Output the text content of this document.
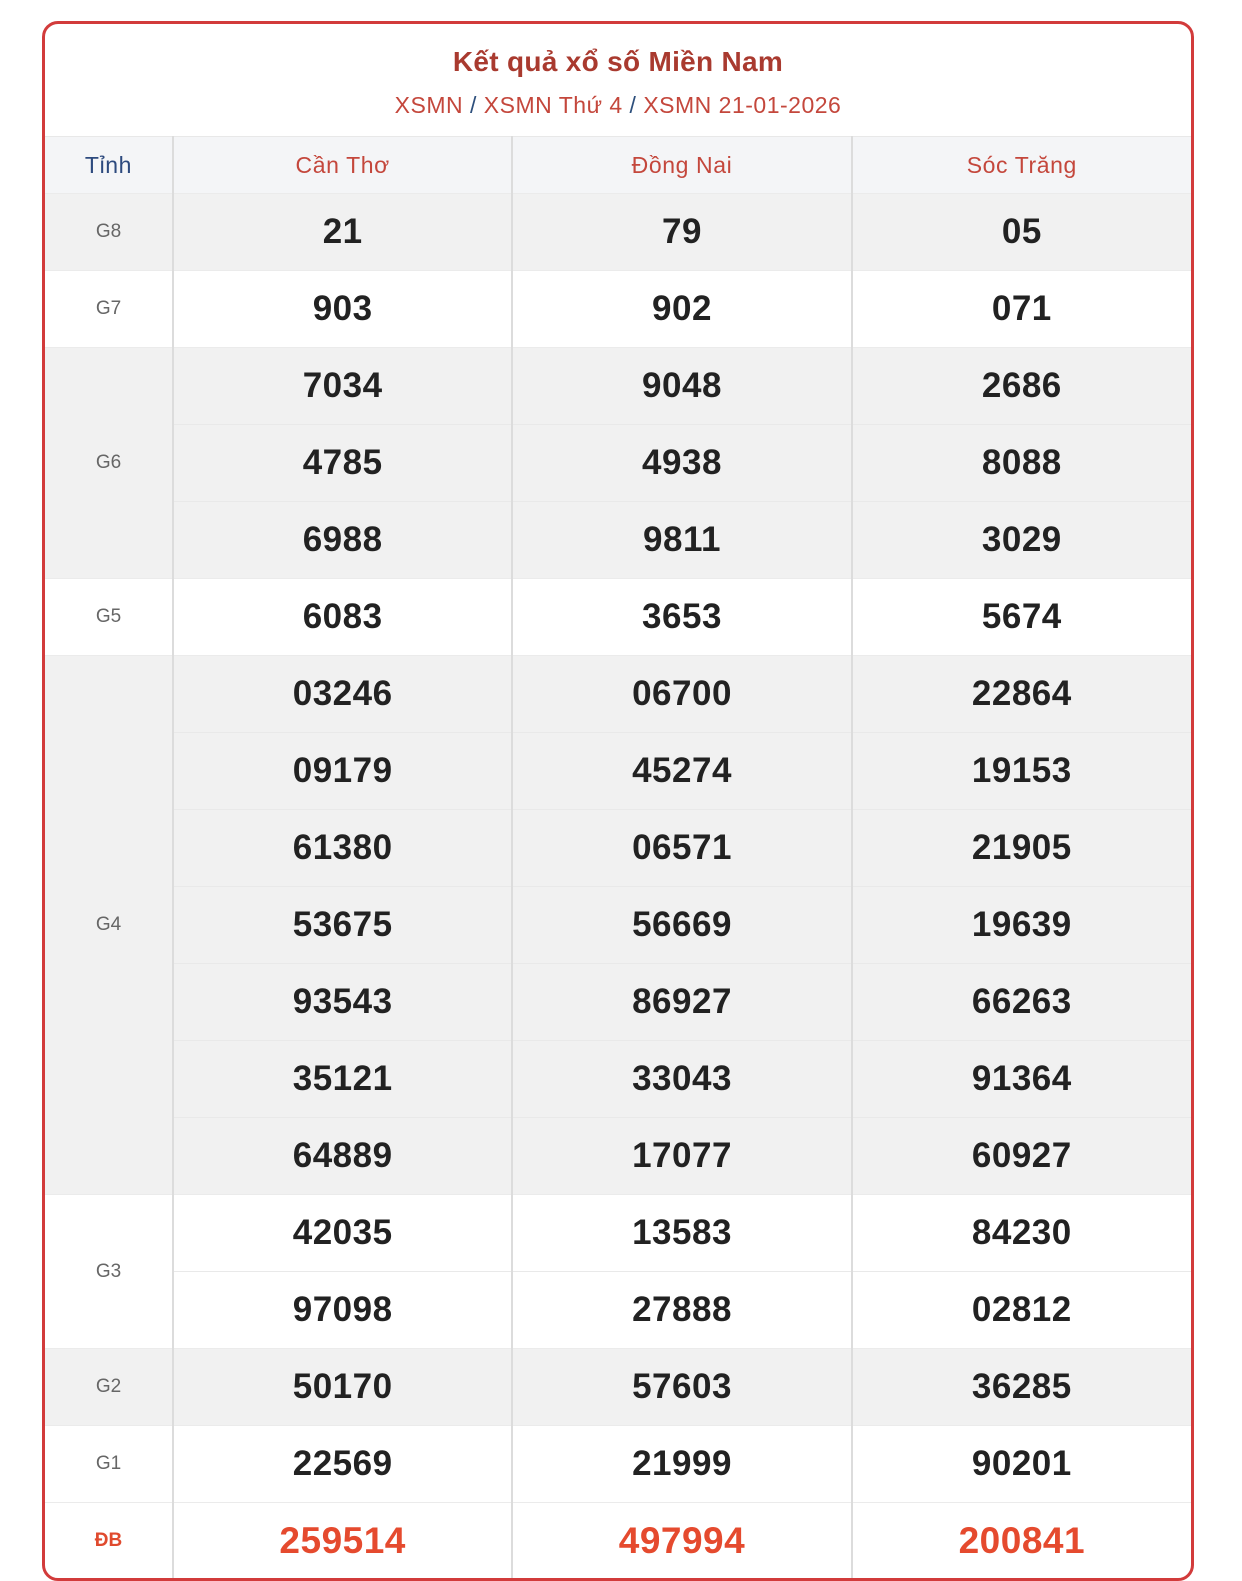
Kết quả xổ số Miền Nam
XSMN / XSMN Thứ 4 / XSMN 21-01-2026
Tỉnh	Cần Thơ	Đồng Nai	Sóc Trăng
G8	21	79	05
G7	903	902	071
G6	7034	9048	2686
	4785	4938	8088
	6988	9811	3029
G5	6083	3653	5674
G4	03246	06700	22864
	09179	45274	19153
	61380	06571	21905
	53675	56669	19639
	93543	86927	66263
	35121	33043	91364
	64889	17077	60927
G3	42035	13583	84230
	97098	27888	02812
G2	50170	57603	36285
G1	22569	21999	90201
ĐB	259514	497994	200841
